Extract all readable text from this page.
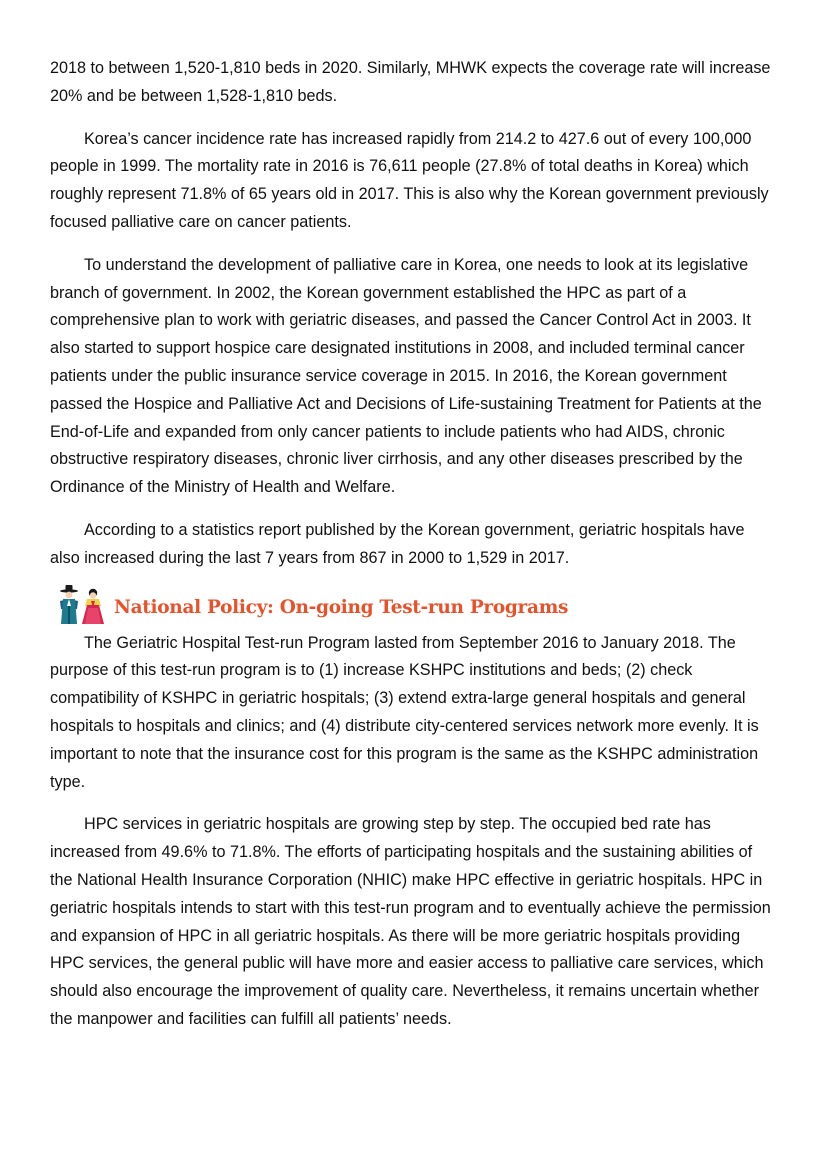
2018 to between 1,520-1,810 beds in 2020. Similarly, MHWK expects the coverage rate will increase 20% and be between 1,528-1,810 beds.

Korea’s cancer incidence rate has increased rapidly from 214.2 to 427.6 out of every 100,000 people in 1999. The mortality rate in 2016 is 76,611 people (27.8% of total deaths in Korea) which roughly represent 71.8% of 65 years old in 2017. This is also why the Korean government previously focused palliative care on cancer patients.

To understand the development of palliative care in Korea, one needs to look at its legislative branch of government. In 2002, the Korean government established the HPC as part of a comprehensive plan to work with geriatric diseases, and passed the Cancer Control Act in 2003. It also started to support hospice care designated institutions in 2008, and included terminal cancer patients under the public insurance service coverage in 2015. In 2016, the Korean government passed the Hospice and Palliative Act and Decisions of Life-sustaining Treatment for Patients at the End-of-Life and expanded from only cancer patients to include patients who had AIDS, chronic obstructive respiratory diseases, chronic liver cirrhosis, and any other diseases prescribed by the Ordinance of the Ministry of Health and Welfare.

According to a statistics report published by the Korean government, geriatric hospitals have also increased during the last 7 years from 867 in 2000 to 1,529 in 2017.

National Policy: On-going Test-run Programs

The Geriatric Hospital Test-run Program lasted from September 2016 to January 2018. The purpose of this test-run program is to (1) increase KSHPC institutions and beds; (2) check compatibility of KSHPC in geriatric hospitals; (3) extend extra-large general hospitals and general hospitals to hospitals and clinics; and (4) distribute city-centered services network more evenly. It is important to note that the insurance cost for this program is the same as the KSHPC administration type.

HPC services in geriatric hospitals are growing step by step. The occupied bed rate has increased from 49.6% to 71.8%. The efforts of participating hospitals and the sustaining abilities of the National Health Insurance Corporation (NHIC) make HPC effective in geriatric hospitals. HPC in geriatric hospitals intends to start with this test-run program and to eventually achieve the permission and expansion of HPC in all geriatric hospitals. As there will be more geriatric hospitals providing HPC services, the general public will have more and easier access to palliative care services, which should also encourage the improvement of quality care. Nevertheless, it remains uncertain whether the manpower and facilities can fulfill all patients’ needs.
